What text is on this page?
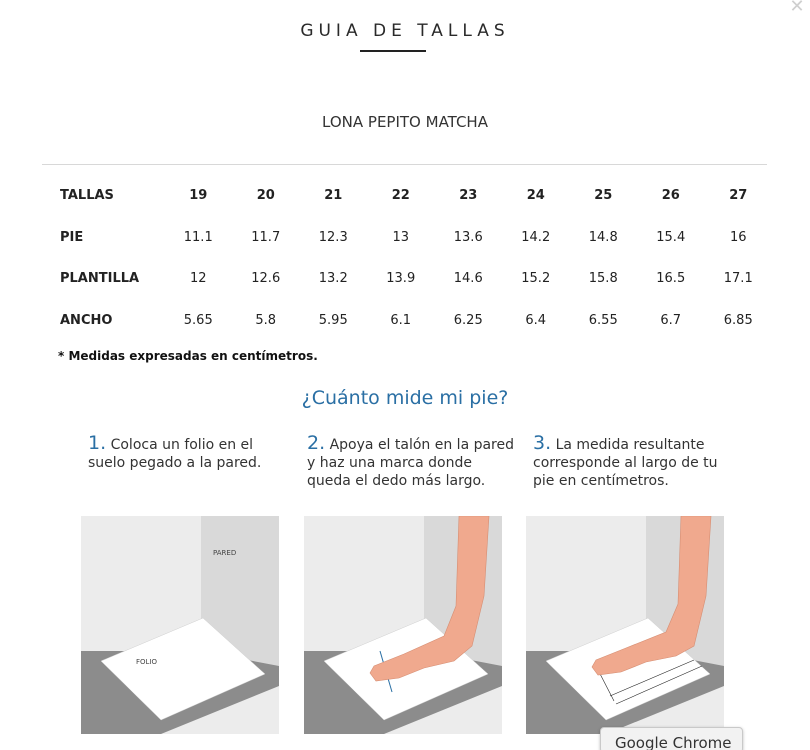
✕
GUIA DE TALLAS
LONA PEPITO MATCHA
TALLAS	19	20	21	22	23	24	25	26	27
PIE	11.1	11.7	12.3	13	13.6	14.2	14.8	15.4	16
PLANTILLA	12	12.6	13.2	13.9	14.6	15.2	15.8	16.5	17.1
ANCHO	5.65	5.8	5.95	6.1	6.25	6.4	6.55	6.7	6.85
* Medidas expresadas en centímetros.
¿Cuánto mide mi pie?
1. Coloca un folio en el suelo pegado a la pared.
2. Apoya el talón en la pared y haz una marca donde queda el dedo más largo.
3. La medida resultante corresponde al largo de tu pie en centímetros.
PARED
FOLIO
Google Chrome
